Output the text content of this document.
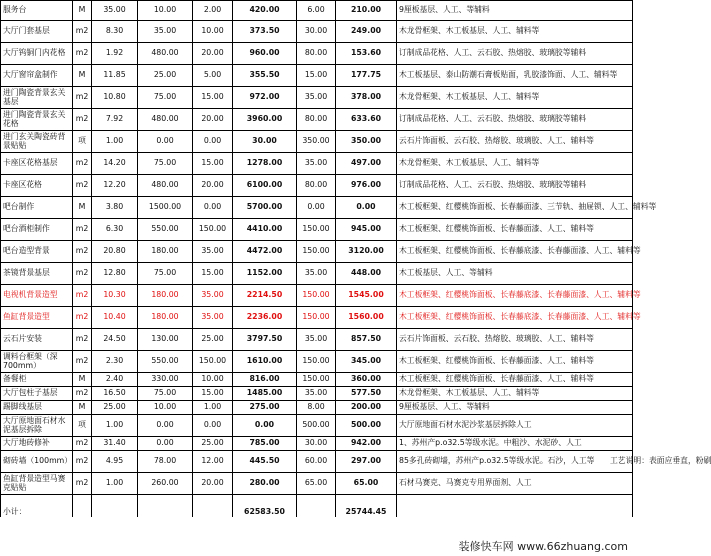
服务台	M	35.00	10.00	2.00	420.00	6.00	210.00	9厘板基层、人工、等辅料
大厅门套基层	m2	8.30	35.00	10.00	373.50	30.00	249.00	木龙骨框架、木工板基层、人工、辅料等
大厅钨铜门内花格	m2	1.92	480.00	20.00	960.00	80.00	153.60	订制成品花格、人工、云石胶、热熔胶、玻璃胶等辅料
大厅窗帘盒制作	M	11.85	25.00	5.00	355.50	15.00	177.75	木工板基层、泰山防潮石膏板贴面，乳胶漆饰面、人工、辅料等
进门陶瓷背景玄关基层	m2	10.80	75.00	15.00	972.00	35.00	378.00	木龙骨框架、木工板基层、人工、辅料等
进门陶瓷背景玄关花格	m2	7.92	480.00	20.00	3960.00	80.00	633.60	订制成品花格、人工、云石胶、热熔胶、玻璃胶等辅料
进门玄关陶瓷砖背景贴贴	项	1.00	0.00	0.00	30.00	350.00	350.00	云石片饰面板、云石胶、热熔胶、玻璃胶、人工、辅料等
卡座区花格基层	m2	14.20	75.00	15.00	1278.00	35.00	497.00	木龙骨框架、木工板基层、人工、辅料等
卡座区花格	m2	12.20	480.00	20.00	6100.00	80.00	976.00	订制成品花格、人工、云石胶、热熔胶、玻璃胶等辅料
吧台制作	M	3.80	1500.00	0.00	5700.00	0.00	0.00	木工板框架、红樱桃饰面板、长春藤面漆、三节轨、抽屉锁、人工、辅料等
吧台酒柜制作	m2	6.30	550.00	150.00	4410.00	150.00	945.00	木工板框架、红樱桃饰面板、长春藤面漆、人工、辅料等
吧台造型背景	m2	20.80	180.00	35.00	4472.00	150.00	3120.00	木工板框架、红樱桃饰面板、长春藤底漆、长春藤面漆、人工、辅料等
茶镜背景基层	m2	12.80	75.00	15.00	1152.00	35.00	448.00	木工板基层、人工、等辅料
电视机背景造型	m2	10.30	180.00	35.00	2214.50	150.00	1545.00	木工板框架、红樱桃饰面板、长春藤底漆、长春藤面漆、人工、辅料等
鱼缸背景造型	m2	10.40	180.00	35.00	2236.00	150.00	1560.00	木工板框架、红樱桃饰面板、长春藤底漆、长春藤面漆、人工、辅料等
云石片安装	m2	24.50	130.00	25.00	3797.50	35.00	857.50	云石片饰面板、云石胶、热熔胶、玻璃胶、人工、辅料等
调料台框架（深700mm）	m2	2.30	550.00	150.00	1610.00	150.00	345.00	木工板框架、红樱桃饰面板、长春藤面漆、人工、辅料等
备餐柜	M	2.40	330.00	10.00	816.00	150.00	360.00	木工板框架、红樱桃饰面板、长春藤面漆、人工、辅料等
大厅包柱子基层	m2	16.50	75.00	15.00	1485.00	35.00	577.50	木龙骨框架、木工板基层、人工、辅料等
踢脚线基层	M	25.00	10.00	1.00	275.00	8.00	200.00	9厘板基层、人工、等辅料
大厅原地面石材水泥基层拆除	项	1.00	0.00	0.00	0.00	500.00	500.00	大厅原地面石材水泥沙浆基层拆除人工
大厅地砖修补	m2	31.40	0.00	25.00	785.00	30.00	942.00	1、苏州产p.o32.5等级水泥。中粗沙、水泥砂、人工
砌砖墙（100mm）	m2	4.95	78.00	12.00	445.50	60.00	297.00	85多孔砖砌墙，苏州产p.o32.5等级水泥。石沙，人工等　　工艺说明：表面应垂直，粉刷
鱼缸背景造型马赛克贴贴	m2	1.00	260.00	20.00	280.00	65.00	65.00	石材马赛克、马赛克专用界面剂、人工
小计：					62583.50		25744.45	
装修快车网 www.66zhuang.com
